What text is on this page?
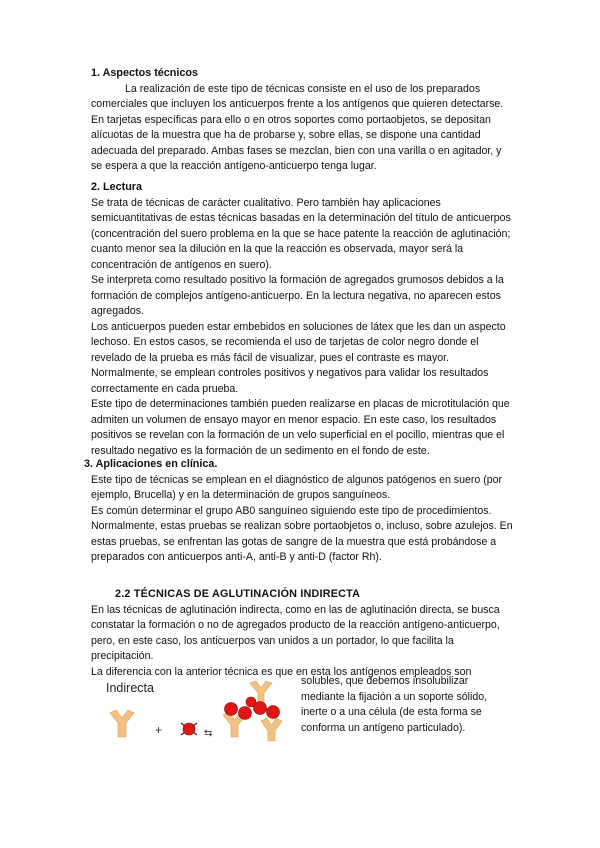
1. Aspectos técnicos

La realización de este tipo de técnicas consiste en el uso de los preparados comerciales que incluyen los anticuerpos frente a los antígenos que quieren detectarse. En tarjetas específicas para ello o en otros soportes como portaobjetos, se depositan alícuotas de la muestra que ha de probarse y, sobre ellas, se dispone una cantidad adecuada del preparado. Ambas fases se mezclan, bien con una varilla o en agitador, y se espera a que la reacción antígeno-anticuerpo tenga lugar.

2. Lectura

Se trata de técnicas de carácter cualitativo. Pero también hay aplicaciones semicuantitativas de estas técnicas basadas en la determinación del título de anticuerpos (concentración del suero problema en la que se hace patente la reacción de aglutinación; cuanto menor sea la dilución en la que la reacción es observada, mayor será la concentración de antígenos en suero).

Se interpreta como resultado positivo la formación de agregados grumosos debidos a la formación de complejos antígeno-anticuerpo. En la lectura negativa, no aparecen estos agregados.

Los anticuerpos pueden estar embebidos en soluciones de látex que les dan un aspecto lechoso. En estos casos, se recomienda el uso de tarjetas de color negro donde el revelado de la prueba es más fácil de visualizar, pues el contraste es mayor. Normalmente, se emplean controles positivos y negativos para validar los resultados correctamente en cada prueba.

Este tipo de determinaciones también pueden realizarse en placas de microtitulación que admiten un volumen de ensayo mayor en menor espacio. En este caso, los resultados positivos se revelan con la formación de un velo superficial en el pocillo, mientras que el resultado negativo es la formación de un sedimento en el fondo de este.

3. Aplicaciones en clínica.

Este tipo de técnicas se emplean en el diagnóstico de algunos patógenos en suero (por ejemplo, Brucella) y en la determinación de grupos sanguíneos.

Es común determinar el grupo AB0 sanguíneo siguiendo este tipo de procedimientos. Normalmente, estas pruebas se realizan sobre portaobjetos o, incluso, sobre azulejos. En estas pruebas, se enfrentan las gotas de sangre de la muestra que está probándose a preparados con anticuerpos anti-A, anti-B y anti-D (factor Rh).

2.2 TÉCNICAS DE AGLUTINACIÓN INDIRECTA

En las técnicas de aglutinación indirecta, como en las de aglutinación directa, se busca constatar la formación o no de agregados producto de la reacción antígeno-anticuerpo, pero, en este caso, los anticuerpos van unidos a un portador, lo que facilita la precipitación.

La diferencia con la anterior técnica es que en esta los antígenos empleados son

solubles, que debemos insolubilizar mediante la fijación a un soporte sólido, inerte o a una célula (de esta forma se conforma un antígeno particulado).

Indirecta
+	⇆
